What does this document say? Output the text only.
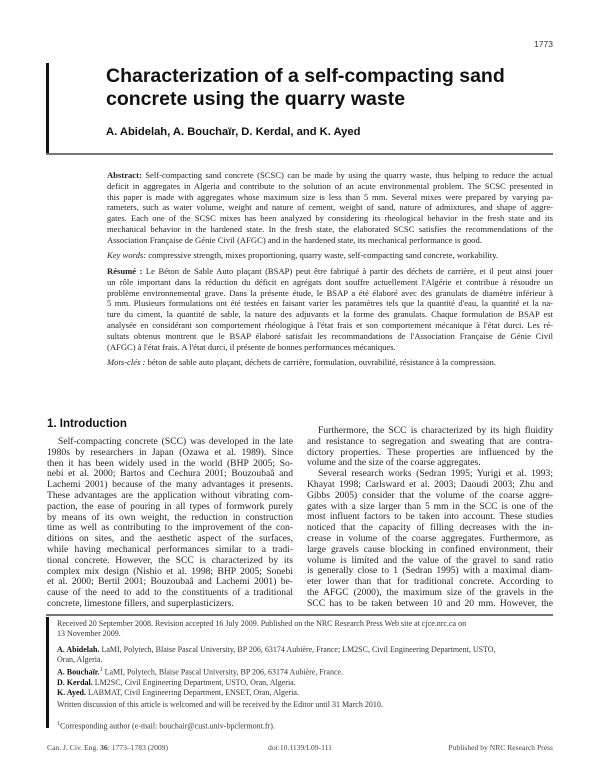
1773
Characterization of a self-compacting sand
concrete using the quarry waste
A. Abidelah, A. Bouchaïr, D. Kerdal, and K. Ayed
Abstract: Self-compacting sand concrete (SCSC) can be made by using the quarry waste, thus helping to reduce the actual
deficit in aggregates in Algeria and contribute to the solution of an acute environmental problem. The SCSC presented in
this paper is made with aggregates whose maximum size is less than 5 mm. Several mixes were prepared by varying pa-
rameters, such as water volume, weight and nature of cement, weight of sand, nature of admixtures, and shape of aggre-
gates. Each one of the SCSC mixes has been analyzed by considering its rheological behavior in the fresh state and its
mechanical behavior in the hardened state. In the fresh state, the elaborated SCSC satisfies the recommendations of the
Association Française de Génie Civil (AFGC) and in the hardened state, its mechanical performance is good.
Key words: compressive strength, mixes proportioning, quarry waste, self-compacting sand concrete, workability.
Résumé : Le Béton de Sable Auto plaçant (BSAP) peut être fabriqué à partir des déchets de carrière, et il peut ainsi jouer
un rôle important dans la réduction du déficit en agrégats dont souffre actuellement l'Algérie et contribue à résoudre un
problème environnemental grave. Dans la présente étude, le BSAP a été élaboré avec des granulats de diamètre inférieur à
5 mm. Plusieurs formulations ont été testées en faisant varier les paramètres tels que la quantité d'eau, la quantité et la na-
ture du ciment, la quantité de sable, la nature des adjuvants et la forme des granulats. Chaque formulation de BSAP est
analysée en considérant son comportement rhéologique à l'état frais et son comportement mécanique à l'état durci. Les ré-
sultats obtenus montrent que le BSAP élaboré satisfait les recommandations de l'Association Française de Génie Civil
(AFGC) à l'état frais. A l'état durci, il présente de bonnes performances mécaniques.
Mots-clés : béton de sable auto plaçant, déchets de carrière, formulation, ouvrabilité, résistance à la compression.
1. Introduction
Self-compacting concrete (SCC) was developed in the late
1980s by researchers in Japan (Ozawa et al. 1989). Since
then it has been widely used in the world (BHP 2005; So-
nebi et al. 2000; Bartos and Cechura 2001; Bouzoubaâ and
Lachemi 2001) because of the many advantages it presents.
These advantages are the application without vibrating com-
paction, the ease of pouring in all types of formwork purely
by means of its own weight, the reduction in construction
time as well as contributing to the improvement of the con-
ditions on sites, and the aesthetic aspect of the surfaces,
while having mechanical performances similar to a tradi-
tional concrete. However, the SCC is characterized by its
complex mix design (Nishio et al. 1998; BHP 2005; Sonebi
et al. 2000; Bertil 2001; Bouzoubaâ and Lachemi 2001) be-
cause of the need to add to the constituents of a traditional
concrete, limestone fillers, and superplasticizers.
Furthermore, the SCC is characterized by its high fluidity
and resistance to segregation and sweating that are contra-
dictory properties. These properties are influenced by the
volume and the size of the coarse aggregates.
Several research works (Sedran 1995; Yurigi et al. 1993;
Khayat 1998; Carlsward et al. 2003; Daoudi 2003; Zhu and
Gibbs 2005) consider that the volume of the coarse aggre-
gates with a size larger than 5 mm in the SCC is one of the
most influent factors to be taken into account. These studies
noticed that the capacity of filling decreases with the in-
crease in volume of the coarse aggregates. Furthermore, as
large gravels cause blocking in confined environment, their
volume is limited and the value of the gravel to sand ratio
is generally close to 1 (Sedran 1995) with a maximal diam-
eter lower than that for traditional concrete. According to
the AFGC (2000), the maximum size of the gravels in the
SCC has to be taken between 10 and 20 mm. However, the
Received 20 September 2008. Revision accepted 16 July 2009. Published on the NRC Research Press Web site at cjce.nrc.ca on
13 November 2009.
A. Abidelah. LaMI, Polytech, Blaise Pascal University, BP 206, 63174 Aubière, France; LM2SC, Civil Engineering Department, USTO,
Oran, Algeria.
A. Bouchaïr.$^1$ LaMI, Polytech, Blaise Pascal University, BP 206, 63174 Aubière, France.
D. Kerdal. LM2SC, Civil Engineering Department, USTO, Oran, Algeria.
K. Ayed. LABMAT, Civil Engineering Department, ENSET, Oran, Algeria.
Written discussion of this article is welcomed and will be received by the Editor until 31 March 2010.
$^1$Corresponding author (e-mail: bouchair@cust.univ-bpclermont.fr).
Can. J. Civ. Eng. 36: 1773–1783 (2009)	doi:10.1139/L09-111	Published by NRC Research Press
